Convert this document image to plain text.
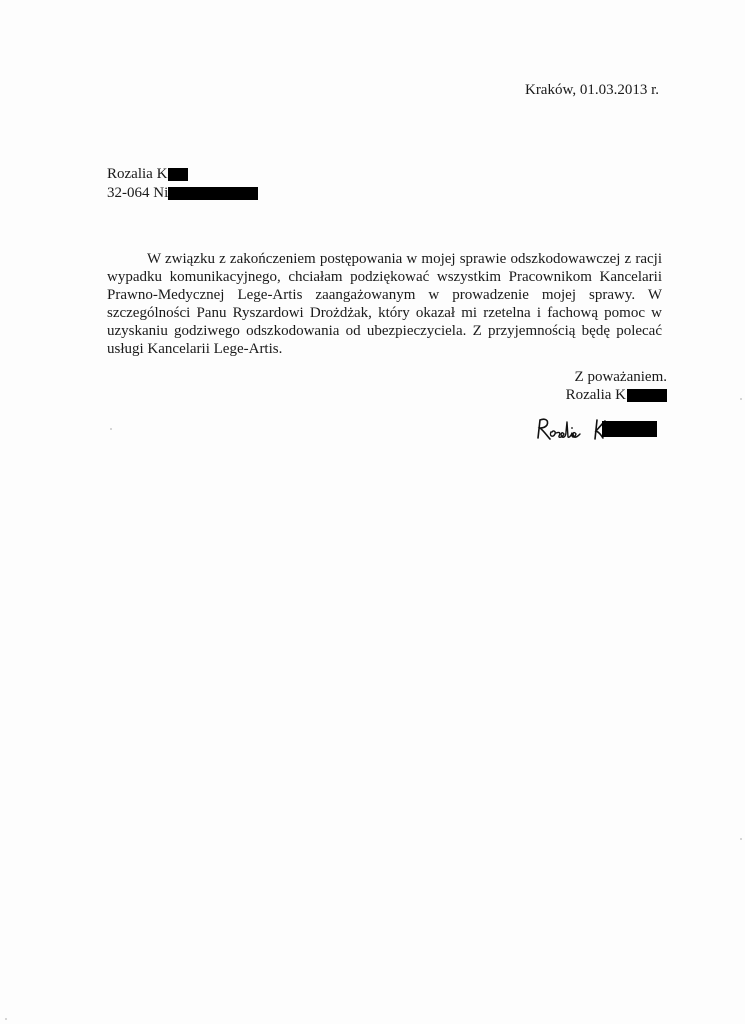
Kraków, 01.03.2013 r.
Rozalia K
32-064 Ni
W związku z zakończeniem postępowania w mojej sprawie odszkodowawczej z racji wypadku komunikacyjnego, chciałam podziękować wszystkim Pracownikom Kancelarii Prawno-Medycznej Lege-Artis zaangażowanym w prowadzenie mojej sprawy. W szczególności Panu Ryszardowi Drożdżak, który okazał mi rzetelna i fachową pomoc w uzyskaniu godziwego odszkodowania od ubezpieczyciela. Z przyjemnością będę polecać usługi Kancelarii Lege-Artis.
Z poważaniem.
Rozalia K
